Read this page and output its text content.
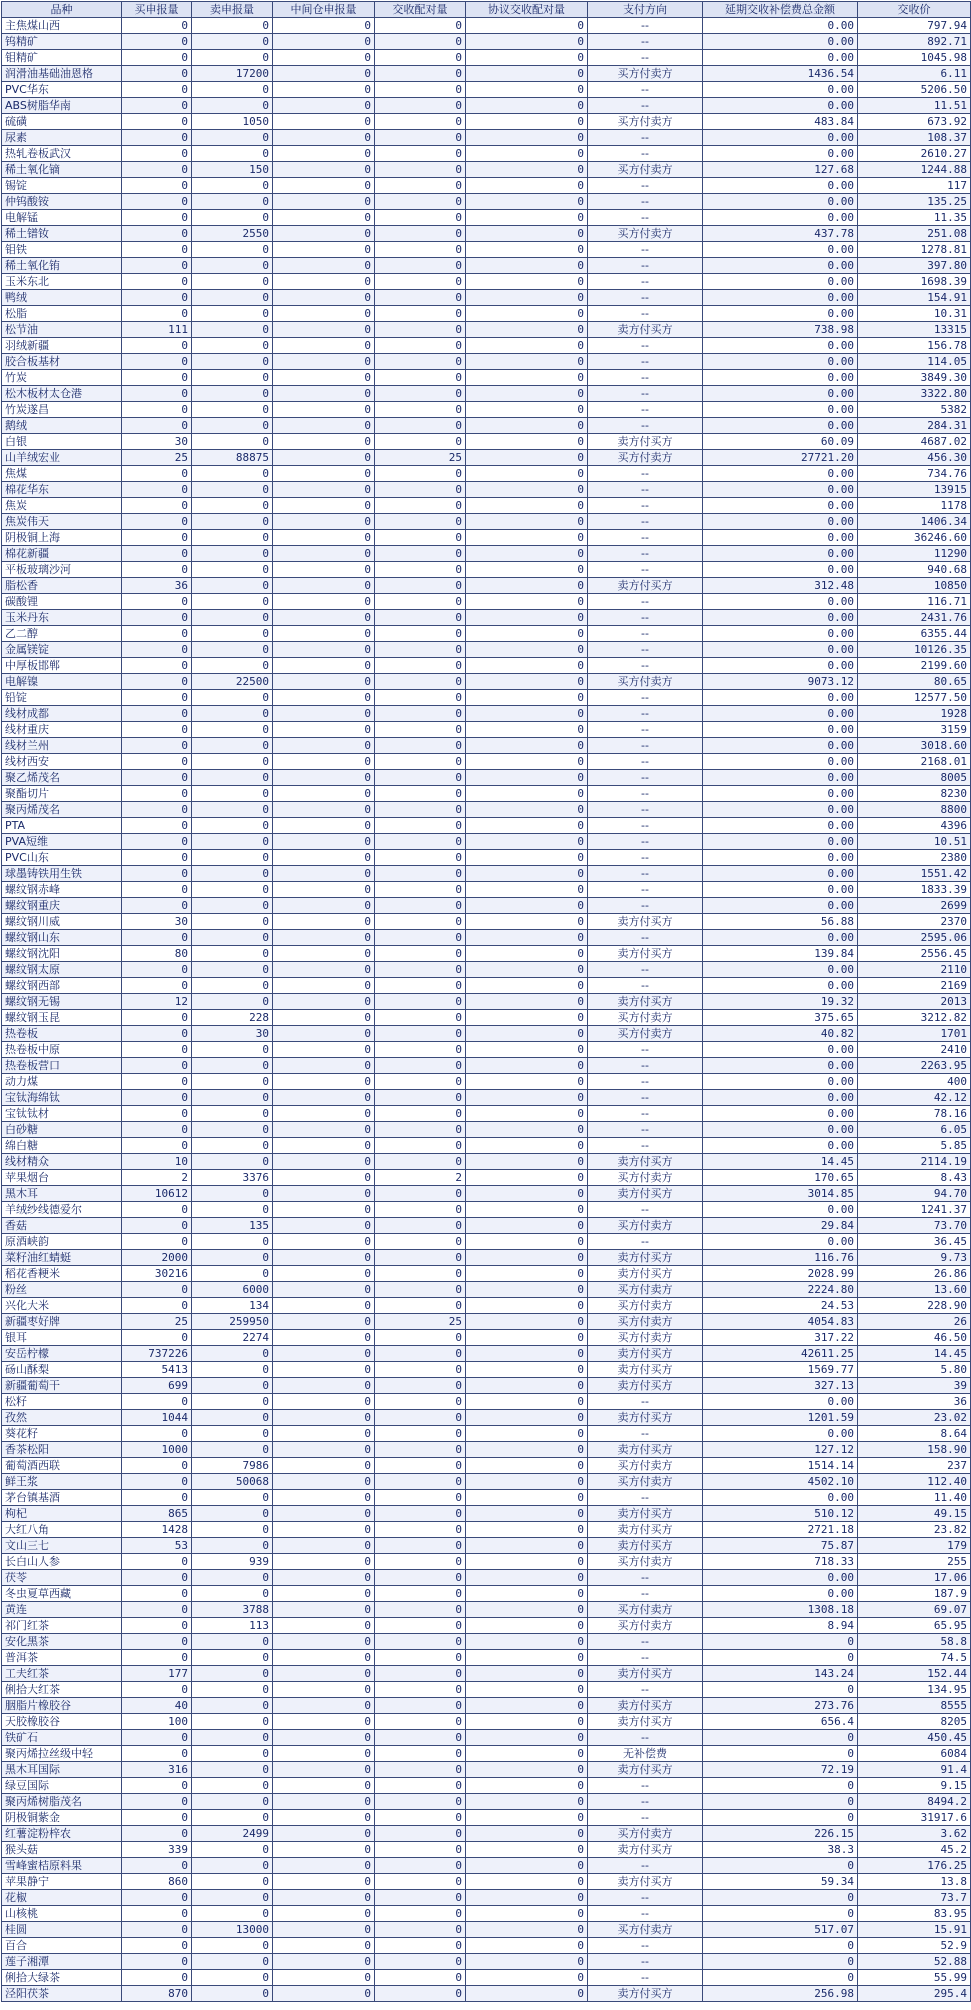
品种	买申报量	卖申报量	中间仓申报量	交收配对量	协议交收配对量	支付方向	延期交收补偿费总金额	交收价
主焦煤山西	0	0	0	0	0	--	0.00	797.94
钨精矿	0	0	0	0	0	--	0.00	892.71
钼精矿	0	0	0	0	0	--	0.00	1045.98
润滑油基础油恩格	0	17200	0	0	0	买方付卖方	1436.54	6.11
PVC华东	0	0	0	0	0	--	0.00	5206.50
ABS树脂华南	0	0	0	0	0	--	0.00	11.51
硫磺	0	1050	0	0	0	买方付卖方	483.84	673.92
尿素	0	0	0	0	0	--	0.00	108.37
热轧卷板武汉	0	0	0	0	0	--	0.00	2610.27
稀土氧化镝	0	150	0	0	0	买方付卖方	127.68	1244.88
锡锭	0	0	0	0	0	--	0.00	117
仲钨酸铵	0	0	0	0	0	--	0.00	135.25
电解锰	0	0	0	0	0	--	0.00	11.35
稀土镨钕	0	2550	0	0	0	买方付卖方	437.78	251.08
钼铁	0	0	0	0	0	--	0.00	1278.81
稀土氧化铕	0	0	0	0	0	--	0.00	397.80
玉米东北	0	0	0	0	0	--	0.00	1698.39
鸭绒	0	0	0	0	0	--	0.00	154.91
松脂	0	0	0	0	0	--	0.00	10.31
松节油	111	0	0	0	0	卖方付买方	738.98	13315
羽绒新疆	0	0	0	0	0	--	0.00	156.78
胶合板基材	0	0	0	0	0	--	0.00	114.05
竹炭	0	0	0	0	0	--	0.00	3849.30
松木板材太仓港	0	0	0	0	0	--	0.00	3322.80
竹炭遂昌	0	0	0	0	0	--	0.00	5382
鹅绒	0	0	0	0	0	--	0.00	284.31
白银	30	0	0	0	0	卖方付买方	60.09	4687.02
山羊绒宏业	25	88875	0	25	0	买方付卖方	27721.20	456.30
焦煤	0	0	0	0	0	--	0.00	734.76
棉花华东	0	0	0	0	0	--	0.00	13915
焦炭	0	0	0	0	0	--	0.00	1178
焦炭伟天	0	0	0	0	0	--	0.00	1406.34
阴极铜上海	0	0	0	0	0	--	0.00	36246.60
棉花新疆	0	0	0	0	0	--	0.00	11290
平板玻璃沙河	0	0	0	0	0	--	0.00	940.68
脂松香	36	0	0	0	0	卖方付买方	312.48	10850
碳酸锂	0	0	0	0	0	--	0.00	116.71
玉米丹东	0	0	0	0	0	--	0.00	2431.76
乙二醇	0	0	0	0	0	--	0.00	6355.44
金属镁锭	0	0	0	0	0	--	0.00	10126.35
中厚板邯郸	0	0	0	0	0	--	0.00	2199.60
电解镍	0	22500	0	0	0	买方付卖方	9073.12	80.65
铅锭	0	0	0	0	0	--	0.00	12577.50
线材成都	0	0	0	0	0	--	0.00	1928
线材重庆	0	0	0	0	0	--	0.00	3159
线材兰州	0	0	0	0	0	--	0.00	3018.60
线材西安	0	0	0	0	0	--	0.00	2168.01
聚乙烯茂名	0	0	0	0	0	--	0.00	8005
聚酯切片	0	0	0	0	0	--	0.00	8230
聚丙烯茂名	0	0	0	0	0	--	0.00	8800
PTA	0	0	0	0	0	--	0.00	4396
PVA短维	0	0	0	0	0	--	0.00	10.51
PVC山东	0	0	0	0	0	--	0.00	2380
球墨铸铁用生铁	0	0	0	0	0	--	0.00	1551.42
螺纹钢赤峰	0	0	0	0	0	--	0.00	1833.39
螺纹钢重庆	0	0	0	0	0	--	0.00	2699
螺纹钢川威	30	0	0	0	0	卖方付买方	56.88	2370
螺纹钢山东	0	0	0	0	0	--	0.00	2595.06
螺纹钢沈阳	80	0	0	0	0	卖方付买方	139.84	2556.45
螺纹钢太原	0	0	0	0	0	--	0.00	2110
螺纹钢西部	0	0	0	0	0	--	0.00	2169
螺纹钢无锡	12	0	0	0	0	卖方付买方	19.32	2013
螺纹钢玉昆	0	228	0	0	0	买方付卖方	375.65	3212.82
热卷板	0	30	0	0	0	买方付卖方	40.82	1701
热卷板中原	0	0	0	0	0	--	0.00	2410
热卷板营口	0	0	0	0	0	--	0.00	2263.95
动力煤	0	0	0	0	0	--	0.00	400
宝钛海绵钛	0	0	0	0	0	--	0.00	42.12
宝钛钛材	0	0	0	0	0	--	0.00	78.16
白砂糖	0	0	0	0	0	--	0.00	6.05
绵白糖	0	0	0	0	0	--	0.00	5.85
线材精众	10	0	0	0	0	卖方付买方	14.45	2114.19
苹果烟台	2	3376	0	2	0	买方付卖方	170.65	8.43
黑木耳	10612	0	0	0	0	卖方付买方	3014.85	94.70
羊绒纱线德爱尔	0	0	0	0	0	--	0.00	1241.37
香菇	0	135	0	0	0	买方付卖方	29.84	73.70
原酒峡韵	0	0	0	0	0	--	0.00	36.45
菜籽油红蜻蜓	2000	0	0	0	0	卖方付买方	116.76	9.73
稻花香粳米	30216	0	0	0	0	卖方付买方	2028.99	26.86
粉丝	0	6000	0	0	0	买方付卖方	2224.80	13.60
兴化大米	0	134	0	0	0	买方付卖方	24.53	228.90
新疆枣好牌	25	259950	0	25	0	买方付卖方	4054.83	26
银耳	0	2274	0	0	0	买方付卖方	317.22	46.50
安岳柠檬	737226	0	0	0	0	卖方付买方	42611.25	14.45
砀山酥梨	5413	0	0	0	0	卖方付买方	1569.77	5.80
新疆葡萄干	699	0	0	0	0	卖方付买方	327.13	39
松籽	0	0	0	0	0	--	0.00	36
孜然	1044	0	0	0	0	卖方付买方	1201.59	23.02
葵花籽	0	0	0	0	0	--	0.00	8.64
香茶松阳	1000	0	0	0	0	卖方付买方	127.12	158.90
葡萄酒西联	0	7986	0	0	0	买方付卖方	1514.14	237
鲜王浆	0	50068	0	0	0	买方付卖方	4502.10	112.40
茅台镇基酒	0	0	0	0	0	--	0.00	11.40
枸杞	865	0	0	0	0	卖方付买方	510.12	49.15
大红八角	1428	0	0	0	0	卖方付买方	2721.18	23.82
文山三七	53	0	0	0	0	卖方付买方	75.87	179
长白山人参	0	939	0	0	0	买方付卖方	718.33	255
茯苓	0	0	0	0	0	--	0.00	17.06
冬虫夏草西藏	0	0	0	0	0	--	0.00	187.9
黄连	0	3788	0	0	0	买方付卖方	1308.18	69.07
祁门红茶	0	113	0	0	0	买方付卖方	8.94	65.95
安化黑茶	0	0	0	0	0	--	0	58.8
普洱茶	0	0	0	0	0	--	0	74.5
工夫红茶	177	0	0	0	0	卖方付买方	143.24	152.44
俐拾大红茶	0	0	0	0	0	--	0	134.95
胭脂片橡胶谷	40	0	0	0	0	卖方付买方	273.76	8555
天胶橡胶谷	100	0	0	0	0	卖方付买方	656.4	8205
铁矿石	0	0	0	0	0	--	0	450.45
聚丙烯拉丝级中轻	0	0	0	0	0	无补偿费	0	6084
黑木耳国际	316	0	0	0	0	卖方付买方	72.19	91.4
绿豆国际	0	0	0	0	0	--	0	9.15
聚丙烯树脂茂名	0	0	0	0	0	--	0	8494.2
阴极铜紫金	0	0	0	0	0	--	0	31917.6
红薯淀粉梓农	0	2499	0	0	0	买方付卖方	226.15	3.62
猴头菇	339	0	0	0	0	卖方付买方	38.3	45.2
雪峰蜜桔原料果	0	0	0	0	0	--	0	176.25
苹果静宁	860	0	0	0	0	卖方付买方	59.34	13.8
花椒	0	0	0	0	0	--	0	73.7
山核桃	0	0	0	0	0	--	0	83.95
桂圆	0	13000	0	0	0	买方付卖方	517.07	15.91
百合	0	0	0	0	0	--	0	52.9
莲子湘潭	0	0	0	0	0	--	0	52.88
俐拾大绿茶	0	0	0	0	0	--	0	55.99
泾阳茯茶	870	0	0	0	0	卖方付买方	256.98	295.4
